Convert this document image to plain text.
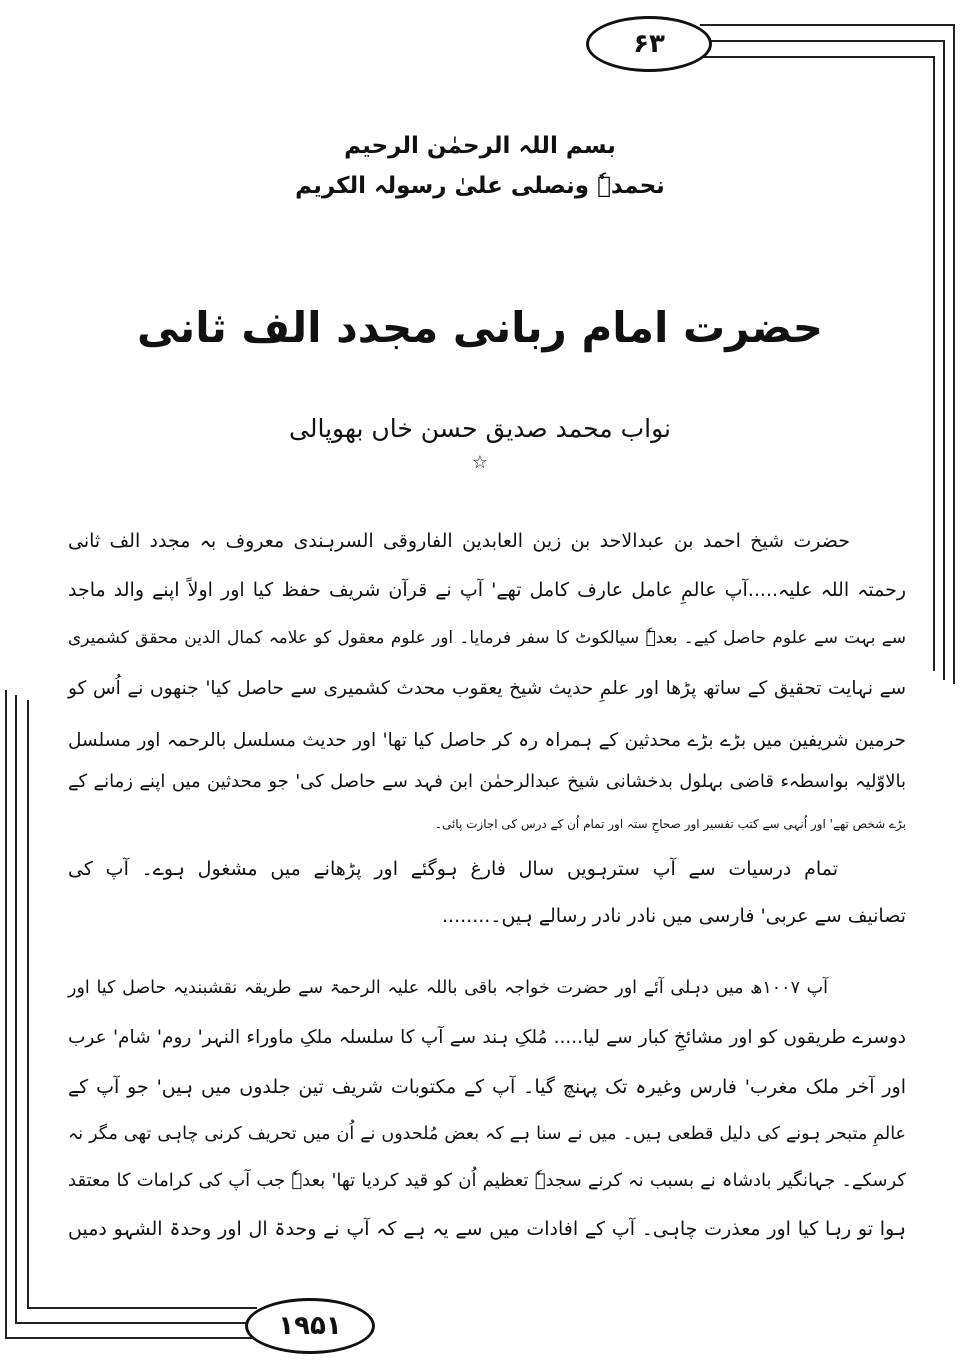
۶۳
۱۹۵۱
بسم اللہ الرحمٰن الرحیم
نحمدہٗ ونصلی علیٰ رسولہ الکریم
حضرت امام ربانی مجدد الف ثانی
نواب محمد صدیق حسن خاں بھوپالی
☆
حضرت شیخ احمد بن عبدالاحد بن زین العابدین الفاروقی السرہندی معروف بہ مجدد الف ثانی
رحمتہ اللہ علیہ.....آپ عالمِ عامل عارف کامل تھے' آپ نے قرآن شریف حفظ کیا اور اولاً اپنے والد ماجد
سے بہت سے علوم حاصل کیے۔ بعدہٗ سیالکوٹ کا سفر فرمایا۔ اور علوم معقول کو علامہ کمال الدین محقق کشمیری
سے نہایت تحقیق کے ساتھ پڑھا اور علمِ حدیث شیخ یعقوب محدث کشمیری سے حاصل کیا' جنھوں نے اُس کو
حرمین شریفین میں بڑے بڑے محدثین کے ہمراہ رہ کر حاصل کیا تھا' اور حدیث مسلسل بالرحمہ اور مسلسل
بالاوّلیہ بواسطہء قاضی بہلول بدخشانی شیخ عبدالرحمٰن ابن فہد سے حاصل کی' جو محدثین میں اپنے زمانے کے
بڑے شخص تھے' اور اُنہی سے کتب تفسیر اور صحاحِ ستہ اور تمام اُن کے درس کی اجازت پائی۔
تمام درسیات سے آپ سترہویں سال فارغ ہوگئے اور پڑھانے میں مشغول ہوے۔ آپ کی
تصانیف سے عربی' فارسی میں نادر نادر رسالے ہیں۔........
آپ ۱۰۰۷ھ میں دہلی آئے اور حضرت خواجہ باقی باللہ علیہ الرحمۃ سے طریقہ نقشبندیہ حاصل کیا اور
دوسرے طریقوں کو اور مشائخِ کبار سے لیا..... مُلکِ ہند سے آپ کا سلسلہ ملکِ ماوراء النہر' روم' شام' عرب
اور آخر ملک مغرب' فارس وغیرہ تک پہنچ گیا۔ آپ کے مکتوبات شریف تین جلدوں میں ہیں' جو آپ کے
عالمِ متبحر ہونے کی دلیل قطعی ہیں۔ میں نے سنا ہے کہ بعض مُلحدوں نے اُن میں تحریف کرنی چاہی تھی مگر نہ
کرسکے۔ جہانگیر بادشاہ نے بسبب نہ کرنے سجدہٗ تعظیم اُن کو قید کردیا تھا' بعدہٗ جب آپ کی کرامات کا معتقد
ہوا تو رہا کیا اور معذرت چاہی۔ آپ کے افادات میں سے یہ ہے کہ آپ نے وحدۃ ال اور وحدۃ الشہو دمیں
